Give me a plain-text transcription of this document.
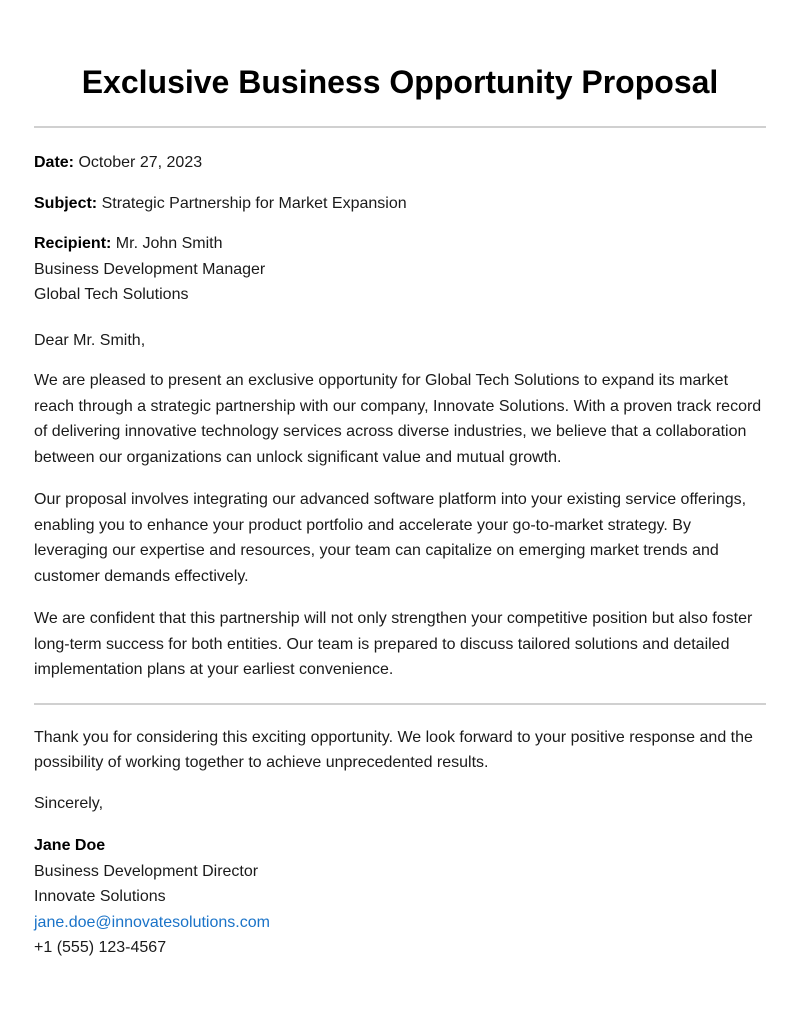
Exclusive Business Opportunity Proposal
Date: October 27, 2023
Subject: Strategic Partnership for Market Expansion
Recipient: Mr. John Smith
Business Development Manager
Global Tech Solutions

Dear Mr. Smith,

We are pleased to present an exclusive opportunity for Global Tech Solutions to expand its market reach through a strategic partnership with our company, Innovate Solutions. With a proven track record of delivering innovative technology services across diverse industries, we believe that a collaboration between our organizations can unlock significant value and mutual growth.

Our proposal involves integrating our advanced software platform into your existing service offerings, enabling you to enhance your product portfolio and accelerate your go-to-market strategy. By leveraging our expertise and resources, your team can capitalize on emerging market trends and customer demands effectively.

We are confident that this partnership will not only strengthen your competitive position but also foster long-term success for both entities. Our team is prepared to discuss tailored solutions and detailed implementation plans at your earliest convenience.

Thank you for considering this exciting opportunity. We look forward to your positive response and the possibility of working together to achieve unprecedented results.

Sincerely,

Jane Doe
Business Development Director
Innovate Solutions
jane.doe@innovatesolutions.com
+1 (555) 123-4567
